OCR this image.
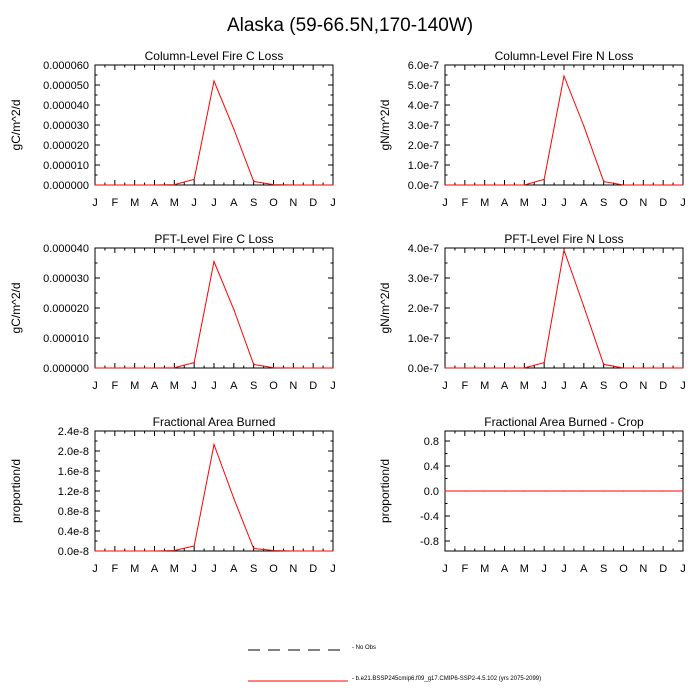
Alaska (59-66.5N,170-140W)
Column-Level Fire C Loss
J F M A M J J A S O N D J
0.000000
0.000010
0.000020
0.000030
0.000040
0.000050
0.000060
gC/m^2/d
Column-Level Fire N Loss
J F M A M J J A S O N D J
0.0e-7
1.0e-7
2.0e-7
3.0e-7
4.0e-7
5.0e-7
6.0e-7
gN/m^2/d
PFT-Level Fire C Loss
J F M A M J J A S O N D J
0.000000
0.000010
0.000020
0.000030
0.000040
gC/m^2/d
PFT-Level Fire N Loss
J F M A M J J A S O N D J
0.0e-7
1.0e-7
2.0e-7
3.0e-7
4.0e-7
gN/m^2/d
Fractional Area Burned
J F M A M J J A S O N D J
0.0e-8
0.4e-8
0.8e-8
1.2e-8
1.6e-8
2.0e-8
2.4e-8
proportion/d
Fractional Area Burned - Crop
J F M A M J J A S O N D J
-0.8
-0.4
0.0
0.4
0.8
proportion/d
- No Obs
- b.e21.BSSP245cmip6.f09_g17.CMIP6-SSP2-4.5.102 (yrs 2075-2099)
